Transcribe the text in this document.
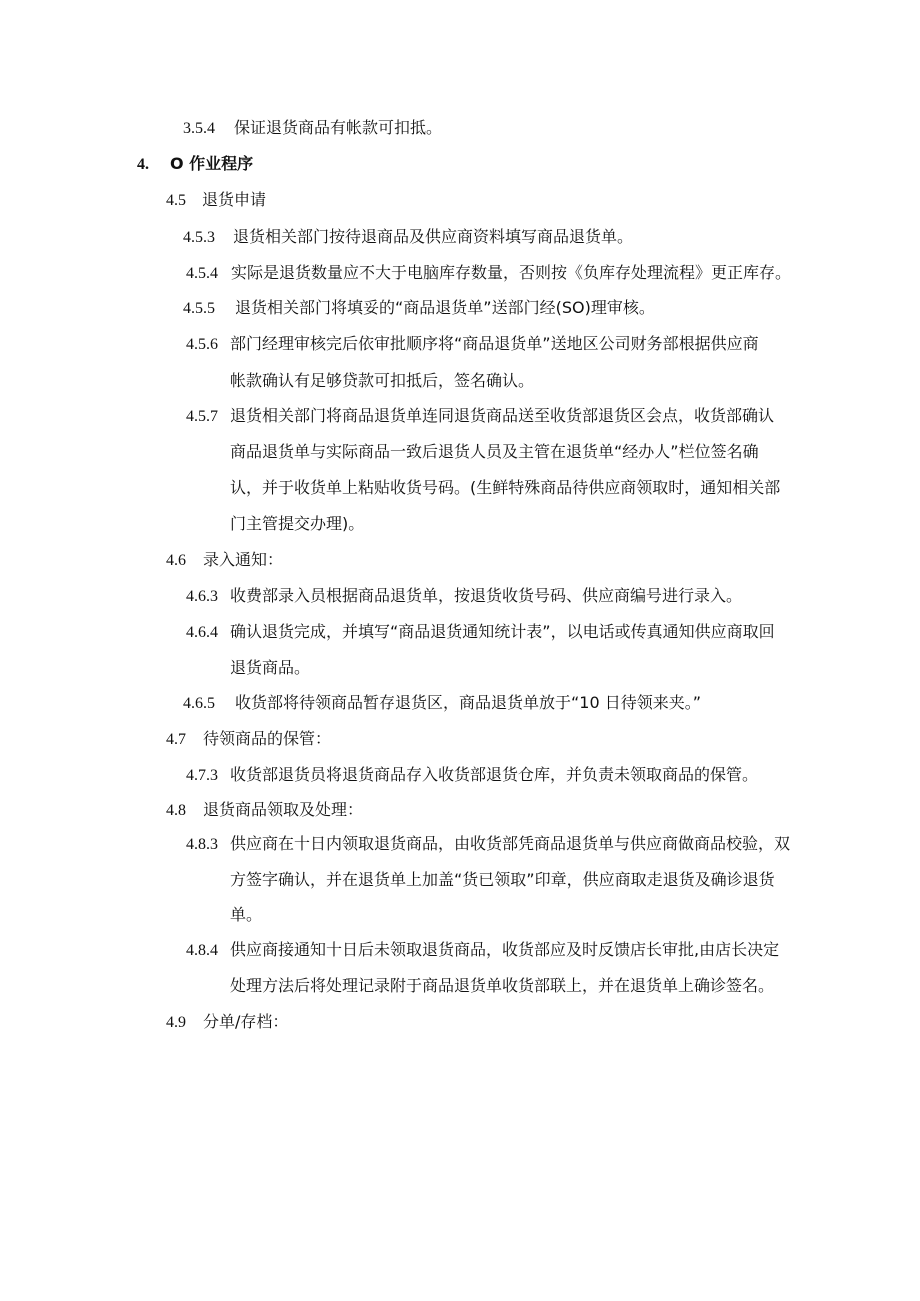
3.5.4 保证退货商品有帐款可扣抵。
4. O 作业程序
4.5 退货申请
4.5.3 退货相关部门按待退商品及供应商资料填写商品退货单。
4.5.4 实际是退货数量应不大于电脑库存数量，否则按《负库存处理流程》更正库存。
4.5.5 退货相关部门将填妥的“商品退货单”送部门经(SO)理审核。
4.5.6 部门经理审核完后依审批顺序将“商品退货单”送地区公司财务部根据供应商
帐款确认有足够贷款可扣抵后，签名确认。
4.5.7 退货相关部门将商品退货单连同退货商品送至收货部退货区会点，收货部确认
商品退货单与实际商品一致后退货人员及主管在退货单“经办人”栏位签名确
认，并于收货单上粘贴收货号码。(生鲜特殊商品待供应商领取时，通知相关部
门主管提交办理)。
4.6 录入通知：
4.6.3 收费部录入员根据商品退货单，按退货收货号码、供应商编号进行录入。
4.6.4 确认退货完成，并填写“商品退货通知统计表”，以电话或传真通知供应商取回
退货商品。
4.6.5 收货部将待领商品暂存退货区，商品退货单放于“10 日待领来夹。”
4.7 待领商品的保管：
4.7.3 收货部退货员将退货商品存入收货部退货仓库，并负责未领取商品的保管。
4.8 退货商品领取及处理：
4.8.3 供应商在十日内领取退货商品，由收货部凭商品退货单与供应商做商品校验，双
方签字确认，并在退货单上加盖“货已领取”印章，供应商取走退货及确诊退货
单。
4.8.4 供应商接通知十日后未领取退货商品，收货部应及时反馈店长审批,由店长决定
处理方法后将处理记录附于商品退货单收货部联上，并在退货单上确诊签名。
4.9 分单/存档：
